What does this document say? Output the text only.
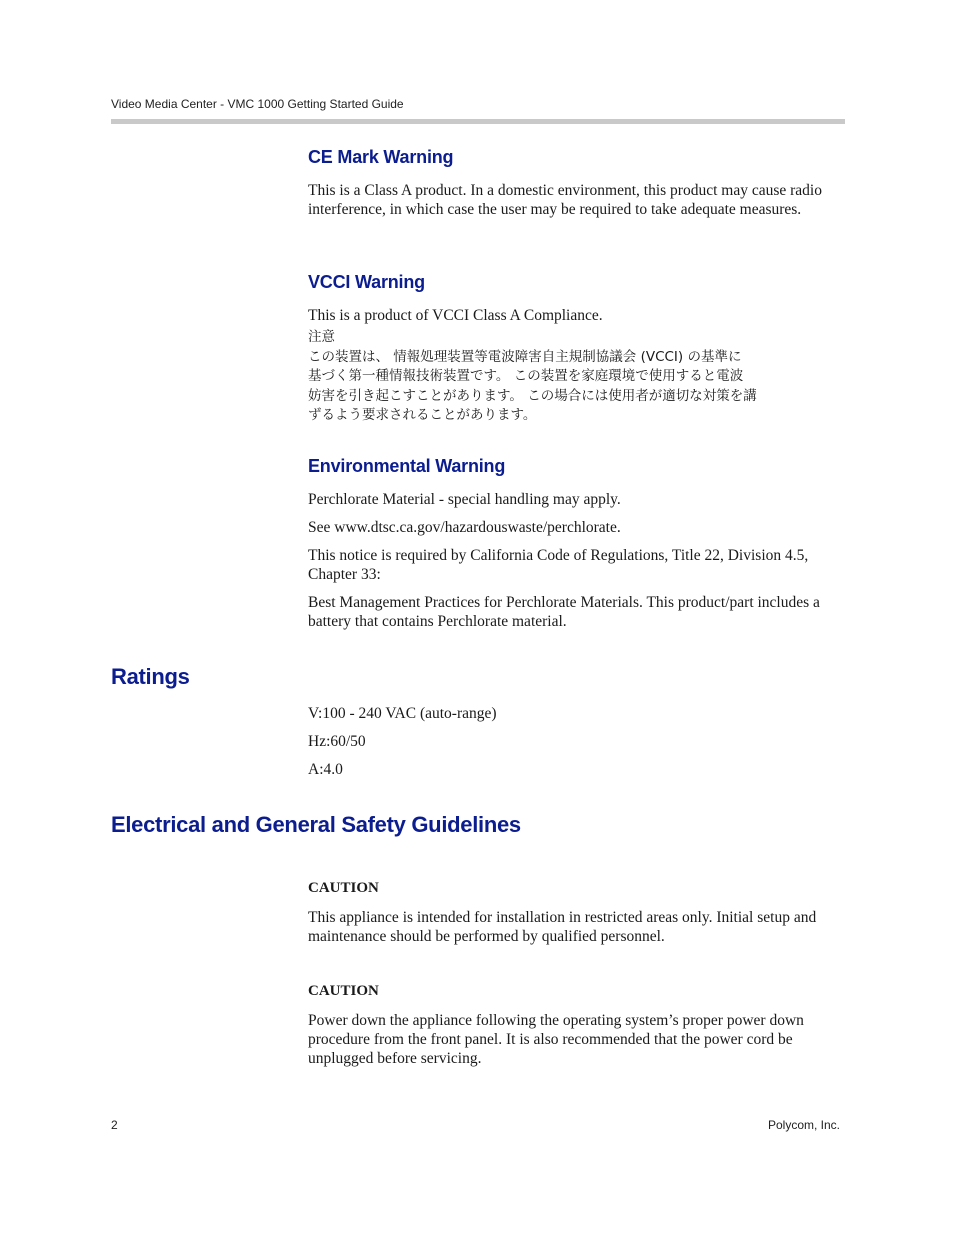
Video Media Center - VMC 1000 Getting Started Guide
CE Mark Warning

This is a Class A product. In a domestic environment, this product may cause radio interference, in which case the user may be required to take adequate measures.

VCCI Warning

This is a product of VCCI Class A Compliance.

注意
この装置は、 情報処理装置等電波障害自主規制協議会 (VCCI) の基準に
基づく第一種情報技術装置です。 この装置を家庭環境で使用すると電波
妨害を引き起こすことがあります。 この場合には使用者が適切な対策を講
ずるよう要求されることがあります。

Environmental Warning

Perchlorate Material - special handling may apply.

See www.dtsc.ca.gov/hazardouswaste/perchlorate.

This notice is required by California Code of Regulations, Title 22, Division 4.5, Chapter 33:

Best Management Practices for Perchlorate Materials. This product/part includes a battery that contains Perchlorate material.

Ratings

V:100 - 240 VAC (auto-range)

Hz:60/50

A:4.0

Electrical and General Safety Guidelines

CAUTION

This appliance is intended for installation in restricted areas only. Initial setup and maintenance should be performed by qualified personnel.

CAUTION

Power down the appliance following the operating system’s proper power down procedure from the front panel. It is also recommended that the power cord be unplugged before servicing.

2	Polycom, Inc.
